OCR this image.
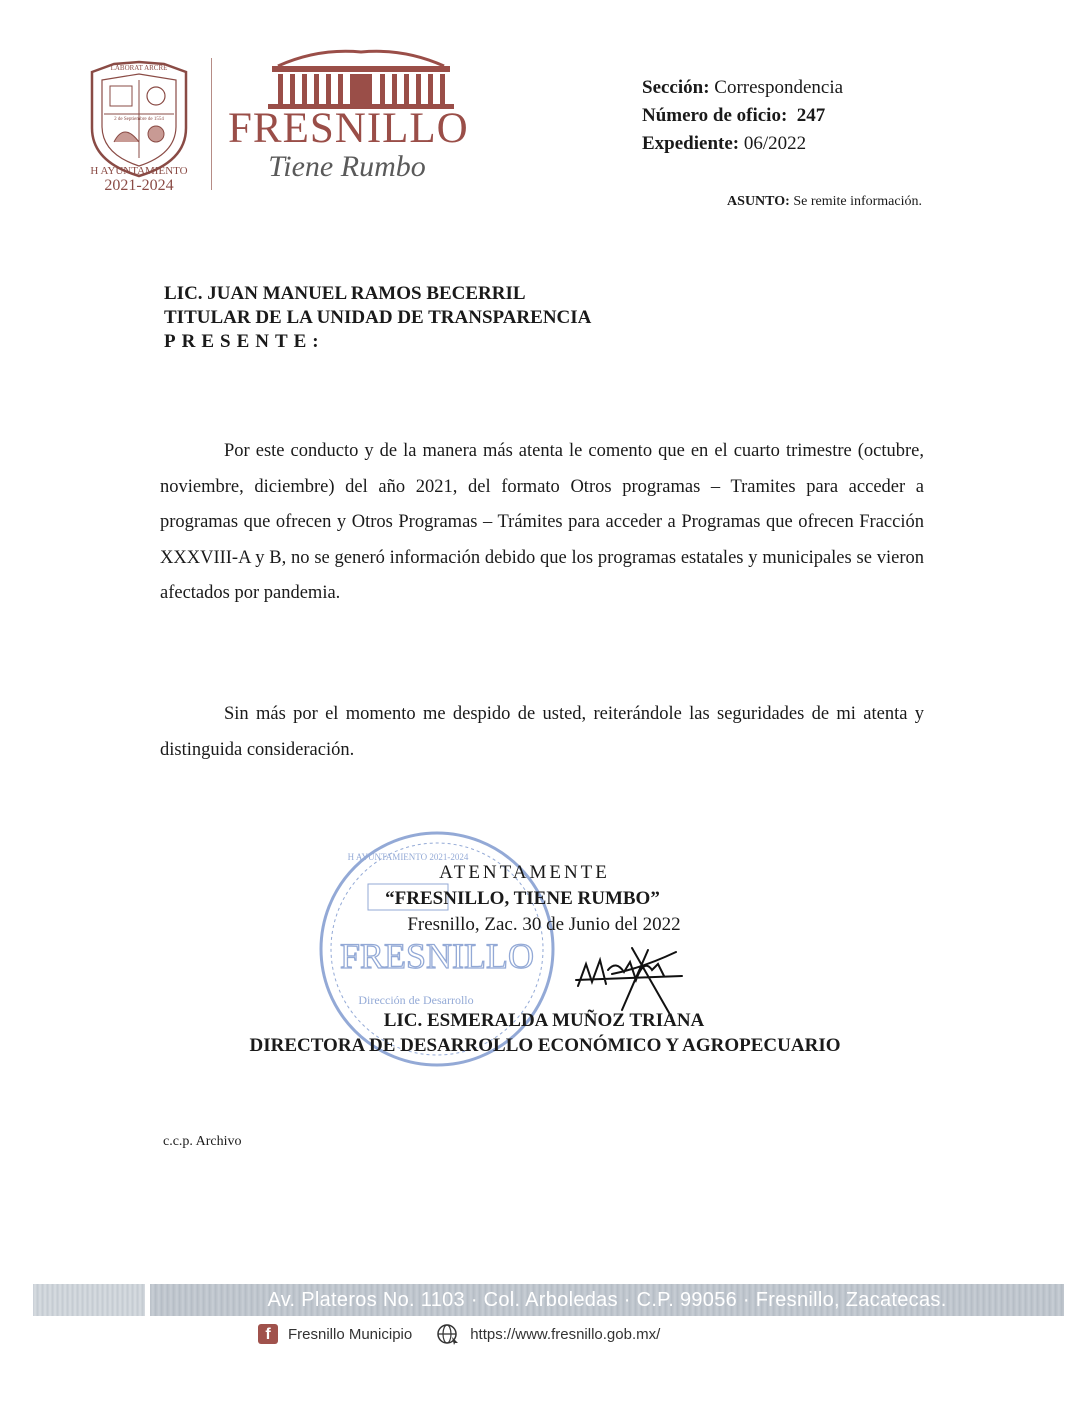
LABORAT ARCRE
2 de Septiembre de 1554
H AYUNTAMIENTO
2021-2024
FRESNILLO
Tiene Rumbo
Sección: Correspondencia
Número de oficio: 247
Expediente: 06/2022
ASUNTO: Se remite información.
LIC. JUAN MANUEL RAMOS BECERRIL
TITULAR DE LA UNIDAD DE TRANSPARENCIA
PRESENTE:
Por este conducto y de la manera más atenta le comento que en el cuarto trimestre (octubre, noviembre, diciembre) del año 2021, del formato Otros programas – Tramites para acceder a programas que ofrecen y Otros Programas – Trámites para acceder a Programas que ofrecen Fracción XXXVIII-A y B, no se generó información debido que los programas estatales y municipales se vieron afectados por pandemia.
Sin más por el momento me despido de usted, reiterándole las seguridades de mi atenta y distinguida consideración.
H AYUNTAMIENTO 2021-2024
FRESNILLO
Dirección de Desarrollo
ATENTAMENTE
“FRESNILLO, TIENE RUMBO”
Fresnillo, Zac. 30 de Junio del 2022
LIC. ESMERALDA MUÑOZ TRIANA
DIRECTORA DE DESARROLLO ECONÓMICO Y AGROPECUARIO
c.c.p. Archivo
Av. Plateros No. 1103 · Col. Arboledas · C.P. 99056 · Fresnillo, Zacatecas.
f	Fresnillo Municipio	https://www.fresnillo.gob.mx/
